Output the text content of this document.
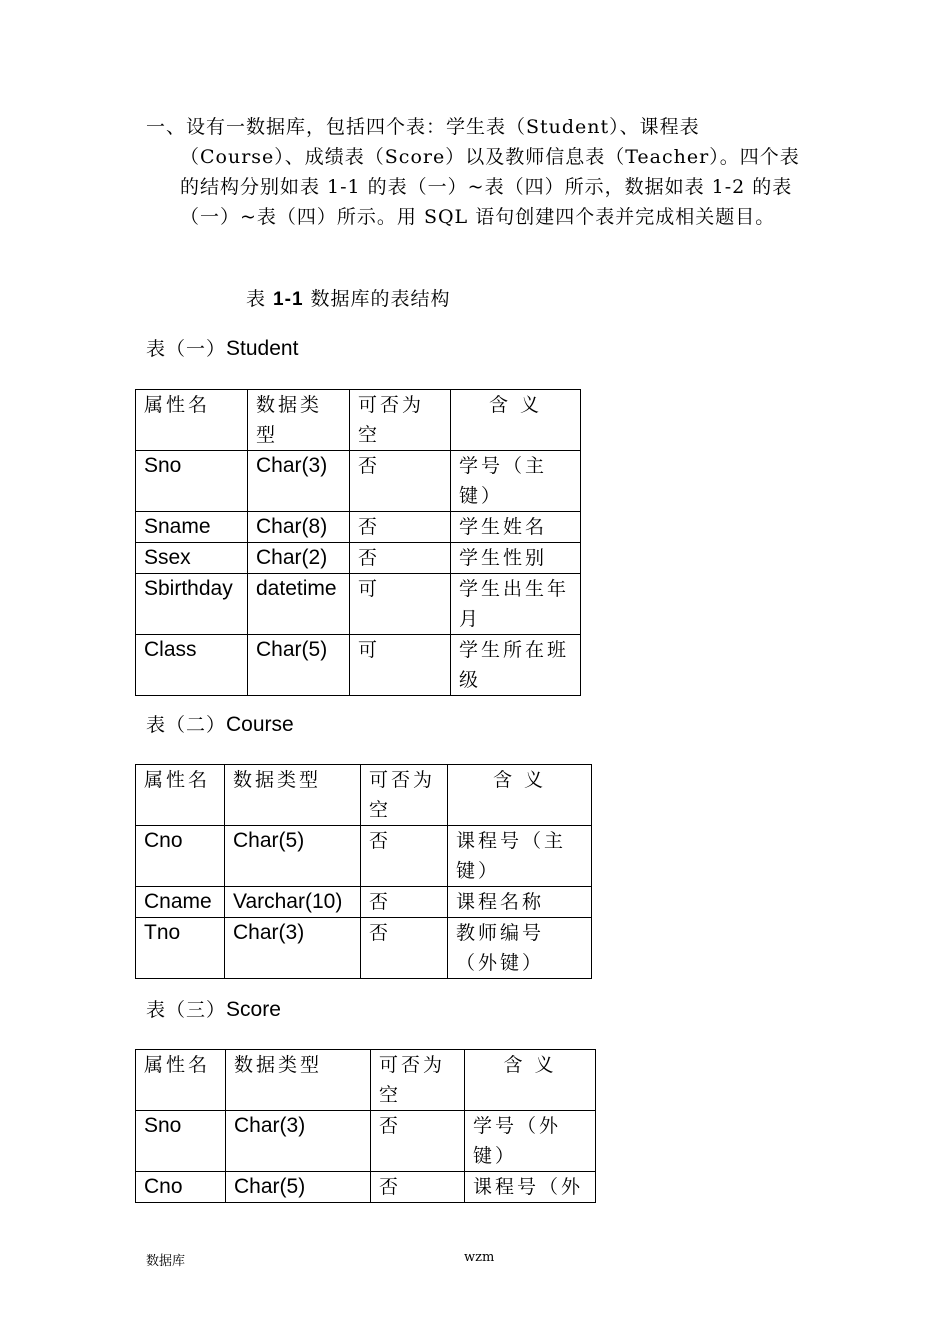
一、设有一数据库，包括四个表：学生表（Student）、课程表
（Course）、成绩表（Score）以及教师信息表（Teacher）。四个表的结构分别如表 1-1 的表（一）~表（四）所示，数据如表 1-2 的表（一）~表（四）所示。用 SQL 语句创建四个表并完成相关题目。
表 1-1 数据库的表结构
表（一）Student
属性名	数据类型	可否为空	含 义
Sno	Char(3)	否	学号（主键）
Sname	Char(8)	否	学生姓名
Ssex	Char(2)	否	学生性别
Sbirthday	datetime	可	学生出生年月
Class	Char(5)	可	学生所在班级
表（二）Course
属性名	数据类型	可否为空	含 义
Cno	Char(5)	否	课程号（主键）
Cname	Varchar(10)	否	课程名称
Tno	Char(3)	否	教师编号（外键）
表（三）Score
属性名	数据类型	可否为空	含 义
Sno	Char(3)	否	学号（外键）
Cno	Char(5)	否	课程号（外
数据库	wzm
